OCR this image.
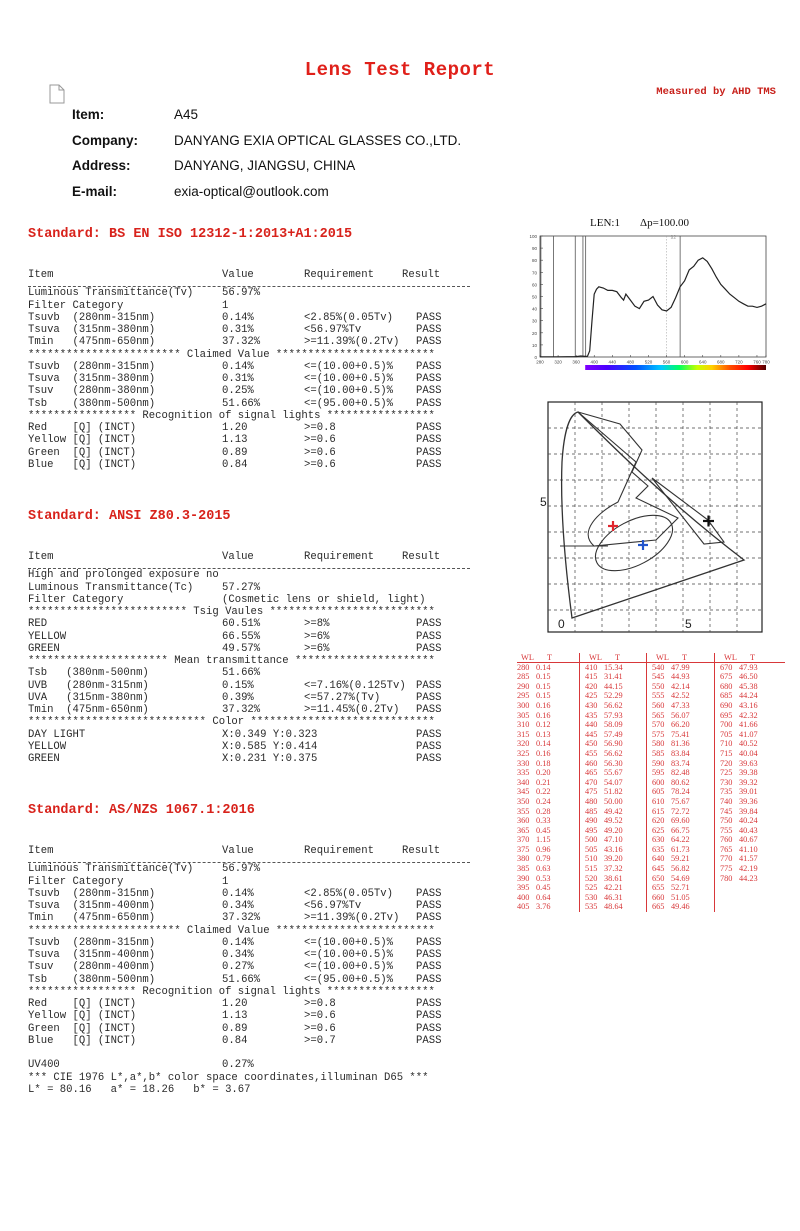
Lens Test Report
Measured by AHD TMS
Item:	A45
Company:	DANYANG EXIA OPTICAL GLASSES CO.,LTD.
Address:	DANYANG, JIANGSU, CHINA
E-mail:	exia-optical@outlook.com
Standard: BS EN ISO 12312-1:2013+A1:2015
Item	Value	Requirement	Result
Luminous Transmittance(Tv)	56.97%
Filter Category	1
Tsuvb  (280nm-315nm)	0.14%	<2.85%(0.05Tv) PASS
Tsuva  (315nm-380nm)	0.31%	<56.97%Tv	PASS
Tmin   (475nm-650nm)	37.32%	>=11.39%(0.2Tv) PASS
************************ Claimed Value *************************
Tsuvb  (280nm-315nm)	0.14%	<=(10.00+0.5)% PASS
Tsuva  (315nm-380nm)	0.31%	<=(10.00+0.5)% PASS
Tsuv   (280nm-380nm)	0.25%	<=(10.00+0.5)% PASS
Tsb    (380nm-500nm)	51.66%	<=(95.00+0.5)% PASS
***************** Recognition of signal lights *****************
Red    [Q] (INCT)	1.20	>=0.8	PASS
Yellow [Q] (INCT)	1.13	>=0.6	PASS
Green  [Q] (INCT)	0.89	>=0.6	PASS
Blue   [Q] (INCT)	0.84	>=0.6	PASS
Standard: ANSI Z80.3-2015
Item	Value	Requirement	Result
High and prolonged exposure no
Luminous Transmittance(Tc)	57.27%
Filter Category	(Cosmetic lens or shield, light)
************************* Tsig Vaules **************************
RED	60.51%	>=8%	PASS
YELLOW	66.55%	>=6%	PASS
GREEN	49.57%	>=6%	PASS
********************** Mean transmittance **********************
Tsb   (380nm-500nm)	51.66%
UVB   (280nm-315nm)	0.15%	<=7.16%(0.125Tv) PASS
UVA   (315nm-380nm)	0.39%	<=57.27%(Tv)	PASS
Tmin  (475nm-650nm)	37.32%	>=11.45%(0.2Tv) PASS
**************************** Color *****************************
DAY LIGHT	X:0.349 Y:0.323	PASS
YELLOW	X:0.585 Y:0.414	PASS
GREEN	X:0.231 Y:0.375	PASS
Standard: AS/NZS 1067.1:2016
Item	Value	Requirement	Result
Luminous Transmittance(Tv)	56.97%
Filter Category	1
Tsuvb  (280nm-315nm)	0.14%	<2.85%(0.05Tv) PASS
Tsuva  (315nm-400nm)	0.34%	<56.97%Tv	PASS
Tmin   (475nm-650nm)	37.32%	>=11.39%(0.2Tv) PASS
************************ Claimed Value *************************
Tsuvb  (280nm-315nm)	0.14%	<=(10.00+0.5)% PASS
Tsuva  (315nm-400nm)	0.34%	<=(10.00+0.5)% PASS
Tsuv   (280nm-400nm)	0.27%	<=(10.00+0.5)% PASS
Tsb    (380nm-500nm)	51.66%	<=(95.00+0.5)% PASS
***************** Recognition of signal lights *****************
Red    [Q] (INCT)	1.20	>=0.8	PASS
Yellow [Q] (INCT)	1.13	>=0.6	PASS
Green  [Q] (INCT)	0.89	>=0.6	PASS
Blue   [Q] (INCT)	0.84	>=0.7	PASS
UV400	0.27%
*** CIE 1976 L*,a*,b* color space coordinates,illuminan D65 ***
L* = 80.16   a* = 18.26   b* = 3.67
LEN:1 Δp=100.00
92
100
90
80
70
60
50
40
30
20
10
0
280 320 360 400 440 480 520 560 600 640 680 720 760 780
5
5
0
WL T	WL T	WL T	WL T
280 0.14	410 15.34	540 47.99	670 47.93
285 0.15	415 31.41	545 44.93	675 46.50
290 0.15	420 44.15	550 42.14	680 45.38
295 0.15	425 52.29	555 42.52	685 44.24
300 0.16	430 56.62	560 47.33	690 43.16
305 0.16	435 57.93	565 56.07	695 42.32
310 0.12	440 58.09	570 66.20	700 41.66
315 0.13	445 57.49	575 75.41	705 41.07
320 0.14	450 56.90	580 81.36	710 40.52
325 0.16	455 56.62	585 83.84	715 40.04
330 0.18	460 56.30	590 83.74	720 39.63
335 0.20	465 55.67	595 82.48	725 39.38
340 0.21	470 54.07	600 80.62	730 39.32
345 0.22	475 51.82	605 78.24	735 39.01
350 0.24	480 50.00	610 75.67	740 39.36
355 0.28	485 49.42	615 72.72	745 39.84
360 0.33	490 49.52	620 69.60	750 40.24
365 0.45	495 49.20	625 66.75	755 40.43
370 1.15	500 47.10	630 64.22	760 40.67
375 0.96	505 43.16	635 61.73	765 41.10
380 0.79	510 39.20	640 59.21	770 41.57
385 0.63	515 37.32	645 56.82	775 42.19
390 0.53	520 38.61	650 54.69	780 44.23
395 0.45	525 42.21	655 52.71
400 0.64	530 46.31	660 51.05
405 3.76	535 48.64	665 49.46
